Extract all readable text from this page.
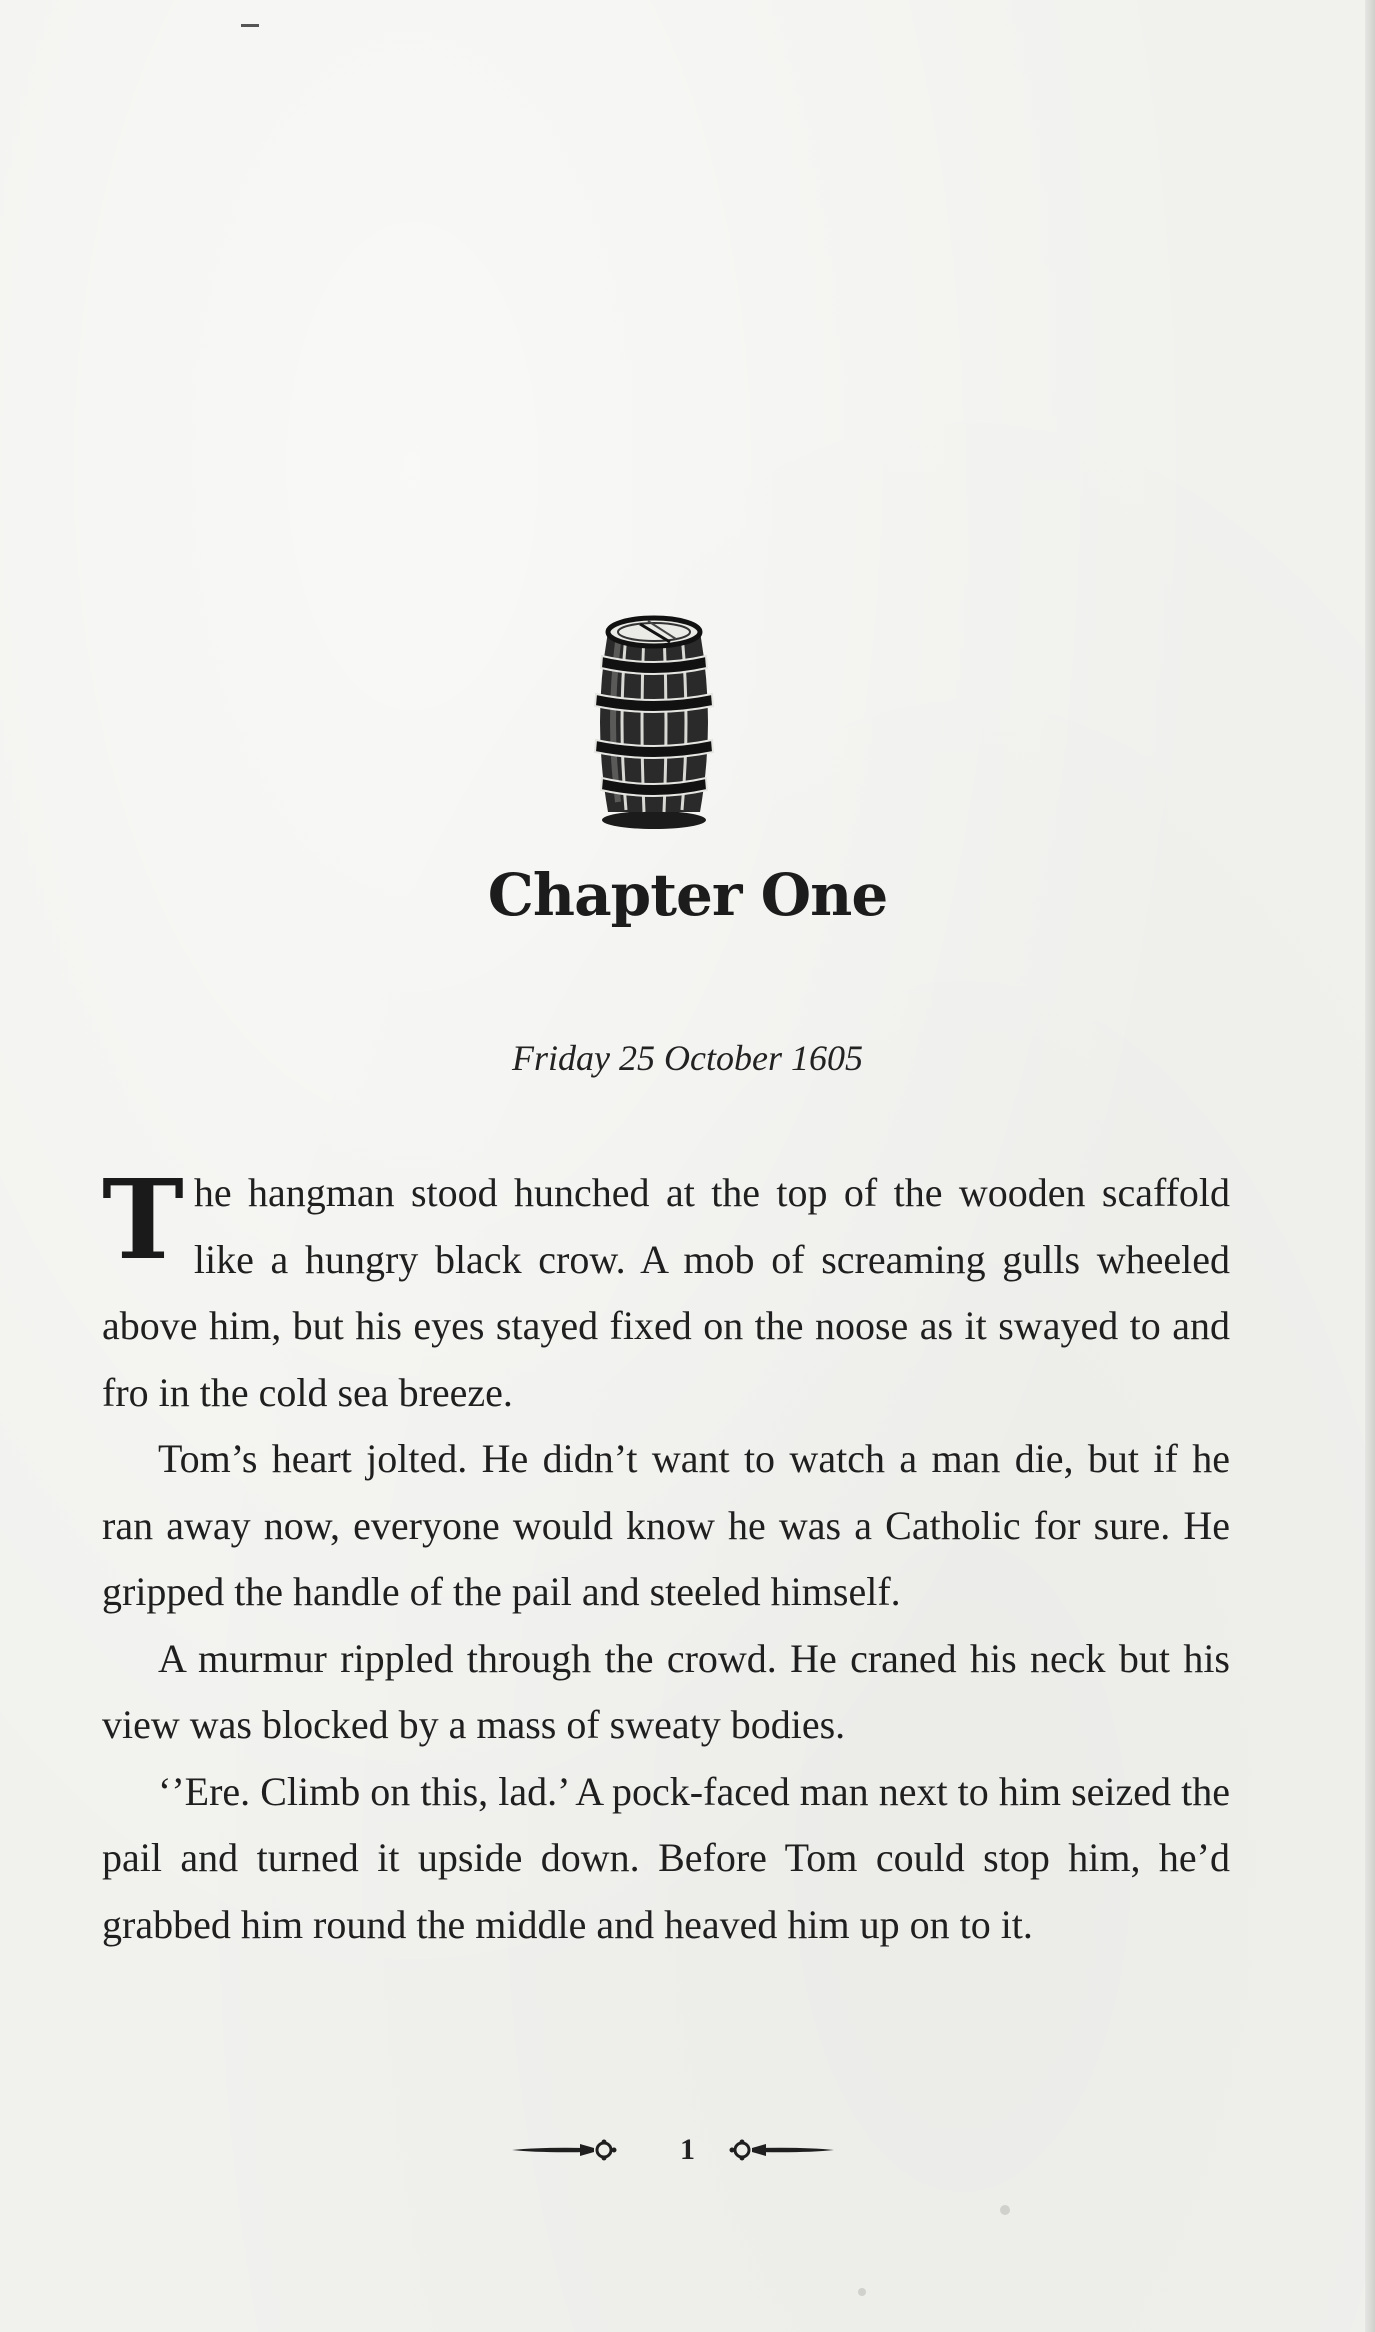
Chapter One
Friday 25 October 1605

The hangman stood hunched at the top of the wooden scaffold like a hungry black crow. A mob of screaming gulls wheeled above him, but his eyes stayed fixed on the noose as it swayed to and fro in the cold sea breeze.

Tom’s heart jolted. He didn’t want to watch a man die, but if he ran away now, everyone would know he was a Catholic for sure. He gripped the handle of the pail and steeled himself.

A murmur rippled through the crowd. He craned his neck but his view was blocked by a mass of sweaty bodies.

‘’Ere. Climb on this, lad.’ A pock-faced man next to him seized the pail and turned it upside down. Before Tom could stop him, he’d grabbed him round the middle and heaved him up on to it.

1
